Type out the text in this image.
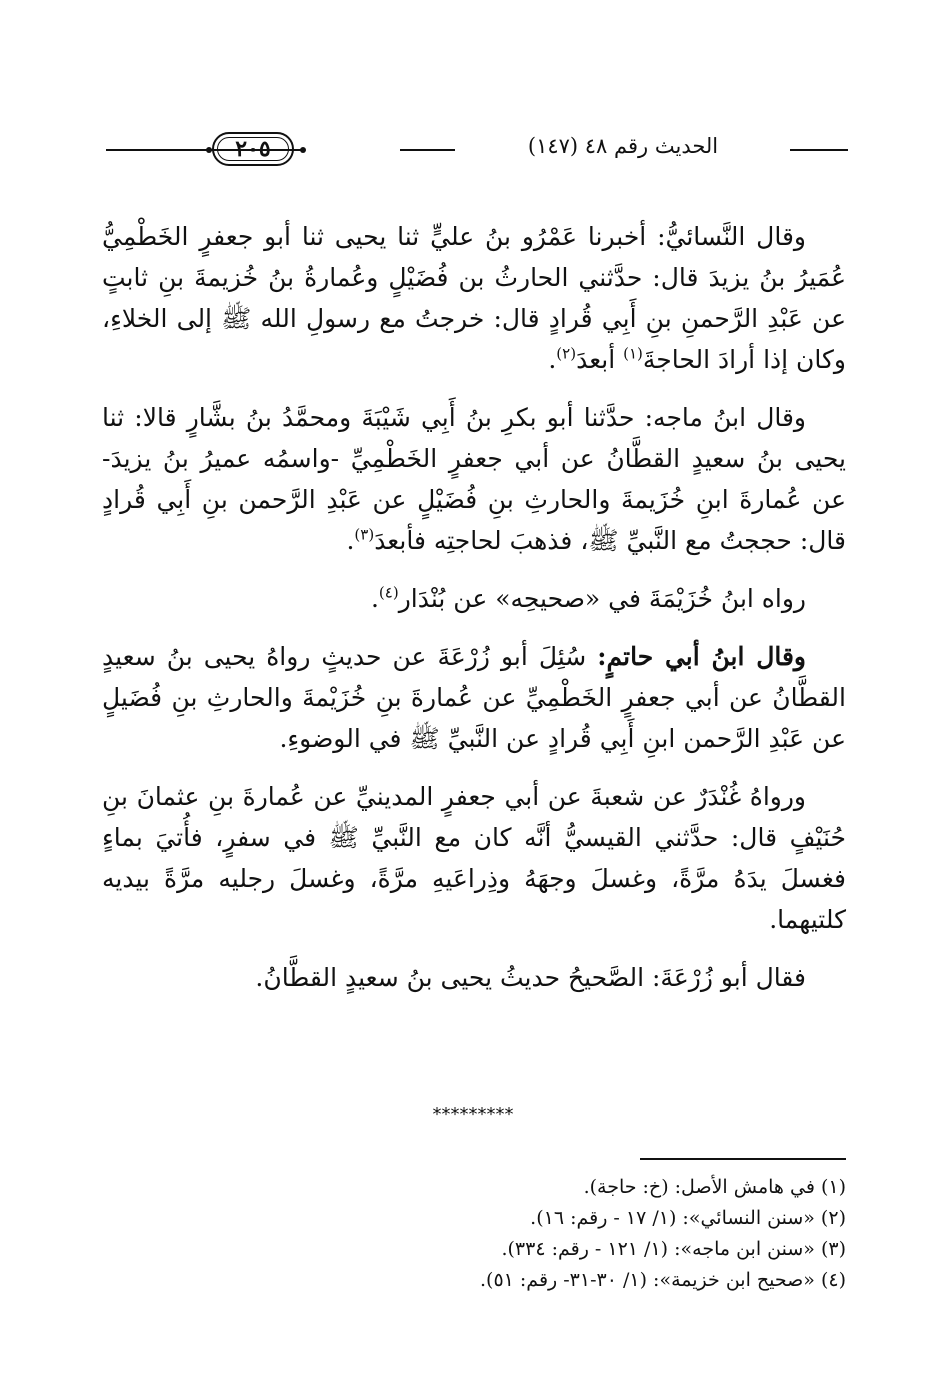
٢٠٥	الحديث رقم ٤٨ (١٤٧)

وقال النَّسائيُّ: أخبرنا عَمْرُو بنُ عليٍّ ثنا يحيى ثنا أبو جعفرٍ الخَطْمِيُّ عُمَيرُ بنُ يزيدَ قال: حدَّثني الحارثُ بن فُضَيْلٍ وعُمارةُ بنُ خُزيمةَ بنِ ثابتٍ عن عَبْدِ الرَّحمنِ بنِ أَبِي قُرادٍ قال: خرجتُ مع رسولِ الله ﷺ إلى الخلاءِ، وكان إذا أرادَ الحاجةَ$^{(١)}$ أبعدَ$^{(٢)}$.

وقال ابنُ ماجه: حدَّثنا أبو بكرِ بنُ أَبِي شَيْبَةَ ومحمَّدُ بنُ بشَّارٍ قالا: ثنا يحيى بنُ سعيدٍ القطَّانُ عن أبي جعفرٍ الخَطْمِيِّ -واسمُه عميرُ بنُ يزيدَ- عن عُمارةَ ابنِ خُزَيمةَ والحارثِ بنِ فُضَيْلٍ عن عَبْدِ الرَّحمن بنِ أَبِي قُرادٍ قال: حججتُ مع النَّبيِّ ﷺ، فذهبَ لحاجتِه فأبعدَ$^{(٣)}$.

رواه ابنُ خُزَيْمَةَ في «صحيحِه» عن بُنْدَار$^{(٤)}$.

وقال ابنُ أبي حاتمٍ: سُئِلَ أبو زُرْعَةَ عن حديثٍ رواهُ يحيى بنُ سعيدٍ القطَّانُ عن أبي جعفرٍ الخَطْمِيِّ عن عُمارةَ بنِ خُزَيْمةَ والحارثِ بنِ فُضَيلٍ عن عَبْدِ الرَّحمن ابنِ أَبِي قُرادٍ عن النَّبيِّ ﷺ في الوضوءِ.

ورواهُ غُنْدَرٌ عن شعبةَ عن أبي جعفرٍ المدينيِّ عن عُمارةَ بنِ عثمانَ بنِ حُنَيْفٍ قال: حدَّثني القيسيُّ أنَّه كان مع النَّبيِّ ﷺ في سفرٍ، فأُتيَ بماءٍ فغسلَ يدَهُ مرَّةً، وغسلَ وجهَهُ وذِراعَيهِ مرَّةً، وغسلَ رجليه مرَّةً بيديه كلتيهما.

فقال أبو زُرْعَةَ: الصَّحيحُ حديثُ يحيى بنُ سعيدٍ القطَّانُ.

*********

(١) في هامش الأصل: (خ: حاجة).

(٢) «سنن النسائي»: (١/ ١٧ - رقم: ١٦).

(٣) «سنن ابن ماجه»: (١/ ١٢١ - رقم: ٣٣٤).

(٤) «صحيح ابن خزيمة»: (١/ ٣٠-٣١- رقم: ٥١).
